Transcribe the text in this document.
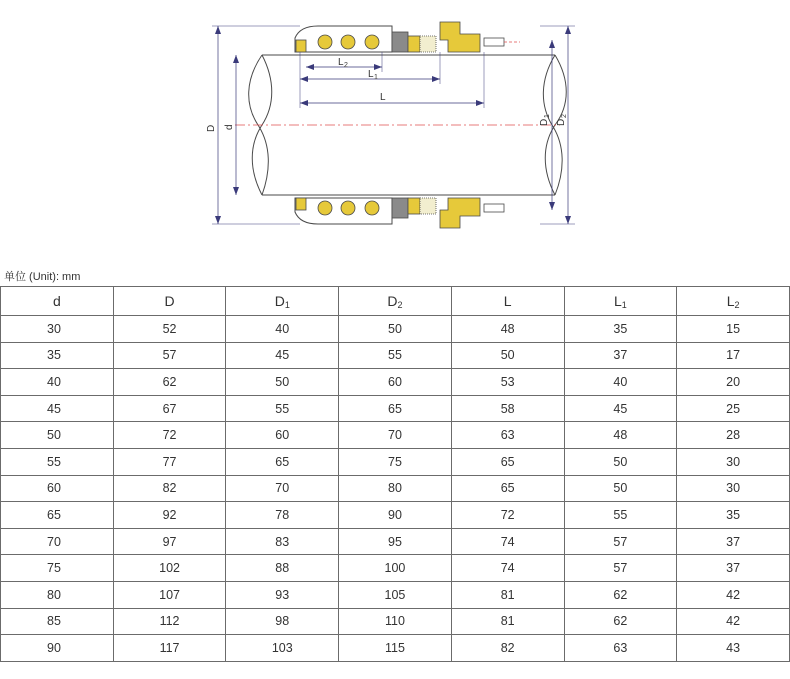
D d
D
1
D
2
L 2
L 1
L
单位 (Unit): mm
d	D	$D_1$	$D_2$	L	$L_1$	$L_2$
30	52	40	50	48	35	15
35	57	45	55	50	37	17
40	62	50	60	53	40	20
45	67	55	65	58	45	25
50	72	60	70	63	48	28
55	77	65	75	65	50	30
60	82	70	80	65	50	30
65	92	78	90	72	55	35
70	97	83	95	74	57	37
75	102	88	100	74	57	37
80	107	93	105	81	62	42
85	112	98	110	81	62	42
90	117	103	115	82	63	43
